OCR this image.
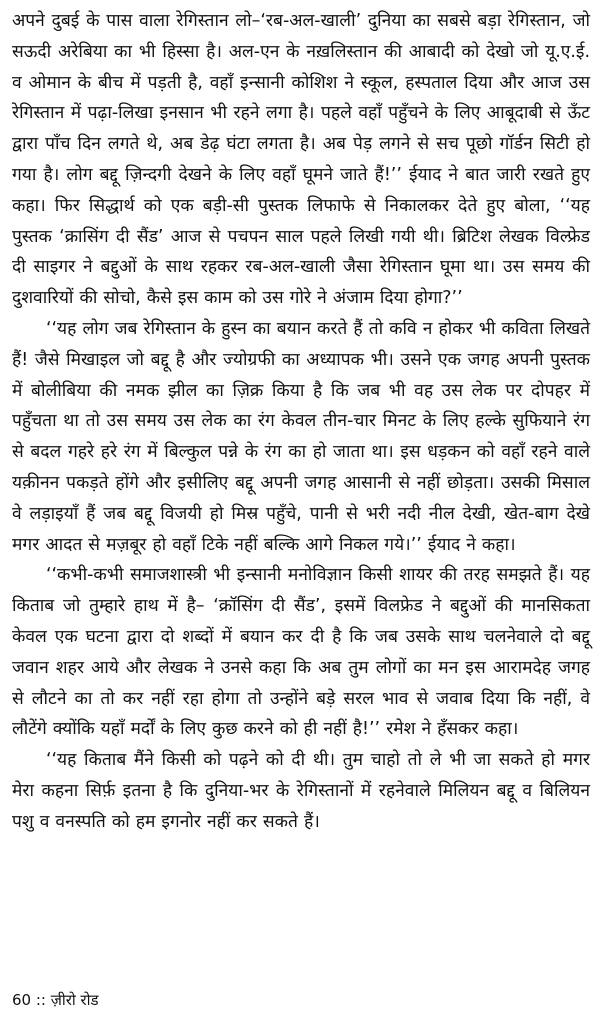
अपने दुबई के पास वाला रेगिस्तान लो–‘रब-अल-खाली’ दुनिया का सबसे बड़ा रेगिस्तान, जो सऊदी अरेबिया का भी हिस्सा है। अल-एन के नख़लिस्तान की आबादी को देखो जो यू.ए.ई. व ओमान के बीच में पड़ती है, वहाँ इन्सानी कोशिश ने स्कूल, हस्पताल दिया और आज उस रेगिस्तान में पढ़ा-लिखा इनसान भी रहने लगा है। पहले वहाँ पहुँचने के लिए आबूदाबी से ऊँट द्वारा पाँच दिन लगते थे, अब डेढ़ घंटा लगता है। अब पेड़ लगने से सच पूछो गॉर्डन सिटी हो गया है। लोग बद्दू ज़िन्दगी देखने के लिए वहाँ घूमने जाते हैं!’’ ईयाद ने बात जारी रखते हुए कहा। फिर सिद्धार्थ को एक बड़ी-सी पुस्तक लिफाफे से निकालकर देते हुए बोला, ‘‘यह पुस्तक ‘क्रासिंग दी सैंड’ आज से पचपन साल पहले लिखी गयी थी। ब्रिटिश लेखक विल्फ्रेड दी साइगर ने बद्दुओं के साथ रहकर रब-अल-खाली जैसा रेगिस्तान घूमा था। उस समय की दुशवारियों की सोचो, कैसे इस काम को उस गोरे ने अंजाम दिया होगा?’’

‘‘यह लोग जब रेगिस्तान के हुस्न का बयान करते हैं तो कवि न होकर भी कविता लिखते हैं! जैसे मिखाइल जो बद्दू है और ज्योग्रफी का अध्यापक भी। उसने एक जगह अपनी पुस्तक में बोलीबिया की नमक झील का ज़िक्र किया है कि जब भी वह उस लेक पर दोपहर में पहुँचता था तो उस समय उस लेक का रंग केवल तीन-चार मिनट के लिए हल्के सुफियाने रंग से बदल गहरे हरे रंग में बिल्कुल पन्ने के रंग का हो जाता था। इस धड़कन को वहाँ रहने वाले यक़ीनन पकड़ते होंगे और इसीलिए बद्दू अपनी जगह आसानी से नहीं छोड़ता। उसकी मिसाल वे लड़ाइयाँ हैं जब बद्दू विजयी हो मिस्र पहुँचे, पानी से भरी नदी नील देखी, खेत-बाग देखे मगर आदत से मज़बूर हो वहाँ टिके नहीं बल्कि आगे निकल गये।’’ ईयाद ने कहा।

‘‘कभी-कभी समाजशास्त्री भी इन्सानी मनोविज्ञान किसी शायर की तरह समझते हैं। यह किताब जो तुम्हारे हाथ में है– ‘क्रॉसिंग दी सैंड’, इसमें विलफ्रेड ने बद्दुओं की मानसिकता केवल एक घटना द्वारा दो शब्दों में बयान कर दी है कि जब उसके साथ चलनेवाले दो बद्दू जवान शहर आये और लेखक ने उनसे कहा कि अब तुम लोगों का मन इस आरामदेह जगह से लौटने का तो कर नहीं रहा होगा तो उन्होंने बड़े सरल भाव से जवाब दिया कि नहीं, वे लौटेंगे क्योंकि यहाँ मर्दों के लिए कुछ करने को ही नहीं है!’’ रमेश ने हँसकर कहा।

‘‘यह किताब मैंने किसी को पढ़ने को दी थी। तुम चाहो तो ले भी जा सकते हो मगर मेरा कहना सिर्फ़ इतना है कि दुनिया-भर के रेगिस्तानों में रहनेवाले मिलियन बद्दू व बिलियन पशु व वनस्पति को हम इगनोर नहीं कर सकते हैं।

60 :: ज़ीरो रोड
